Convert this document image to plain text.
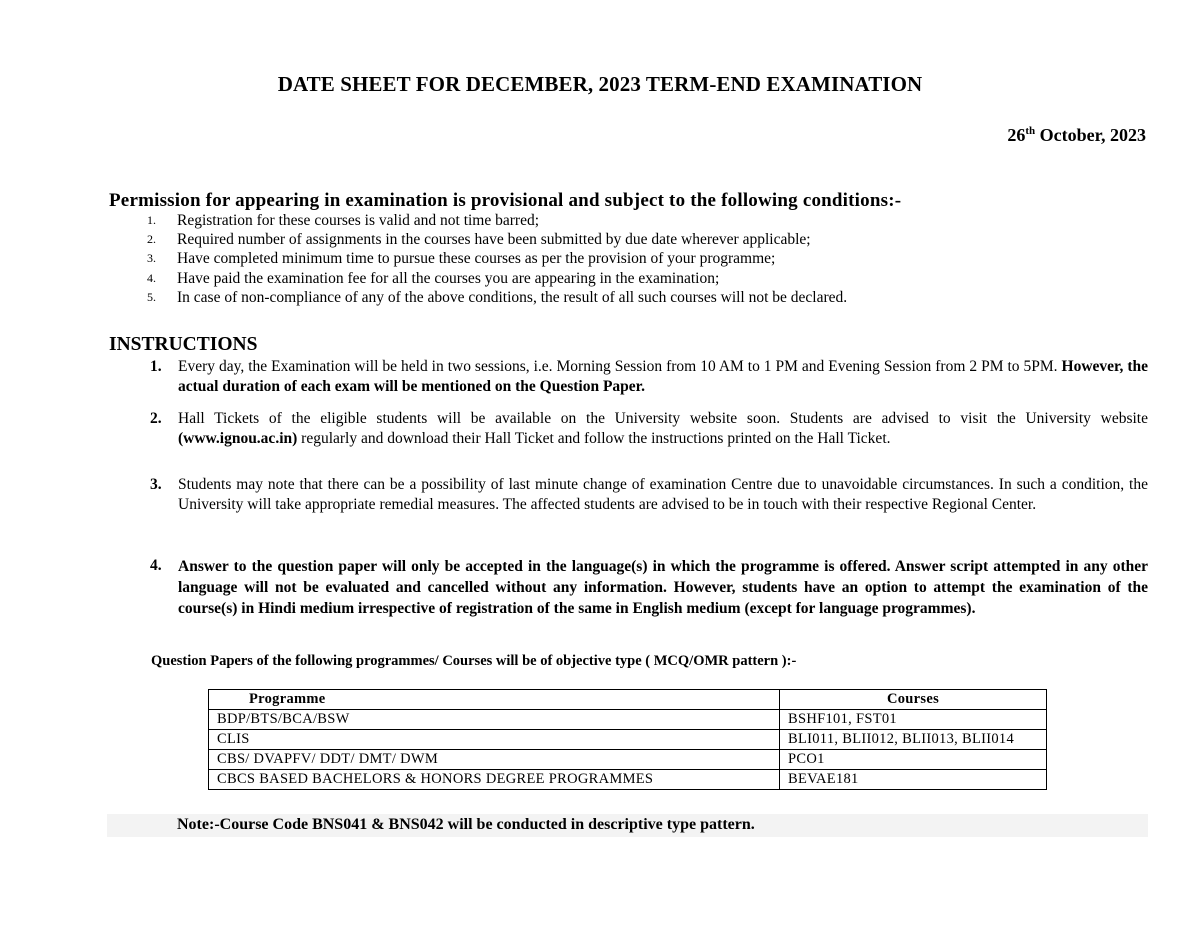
DATE SHEET FOR DECEMBER, 2023 TERM-END EXAMINATION
26th October, 2023
Permission for appearing in examination is provisional and subject to the following conditions:-
1.	Registration for these courses is valid and not time barred;
2.	Required number of assignments in the courses have been submitted by due date wherever applicable;
3.	Have completed minimum time to pursue these courses as per the provision of your programme;
4.	Have paid the examination fee for all the courses you are appearing in the examination;
5.	In case of non-compliance of any of the above conditions, the result of all such courses will not be declared.
INSTRUCTIONS
1.	Every day, the Examination will be held in two sessions, i.e. Morning Session from 10 AM to 1 PM and Evening Session from 2 PM to 5PM. However, the actual duration of each exam will be mentioned on the Question Paper.
2.	Hall Tickets of the eligible students will be available on the University website soon. Students are advised to visit the University website (www.ignou.ac.in) regularly and download their Hall Ticket and follow the instructions printed on the Hall Ticket.
3.	Students may note that there can be a possibility of last minute change of examination Centre due to unavoidable circumstances. In such a condition, the University will take appropriate remedial measures. The affected students are advised to be in touch with their respective Regional Center.
4.	Answer to the question paper will only be accepted in the language(s) in which the programme is offered. Answer script attempted in any other language will not be evaluated and cancelled without any information. However, students have an option to attempt the examination of the course(s) in Hindi medium irrespective of registration of the same in English medium (except for language programmes).
Question Papers of the following programmes/ Courses will be of objective type ( MCQ/OMR pattern ):-
Programme	Courses
BDP/BTS/BCA/BSW	BSHF101, FST01
CLIS	BLI011, BLII012, BLII013, BLII014
CBS/ DVAPFV/ DDT/ DMT/ DWM	PCO1
CBCS BASED BACHELORS & HONORS DEGREE PROGRAMMES	BEVAE181
Note:-Course Code BNS041 & BNS042 will be conducted in descriptive type pattern.
